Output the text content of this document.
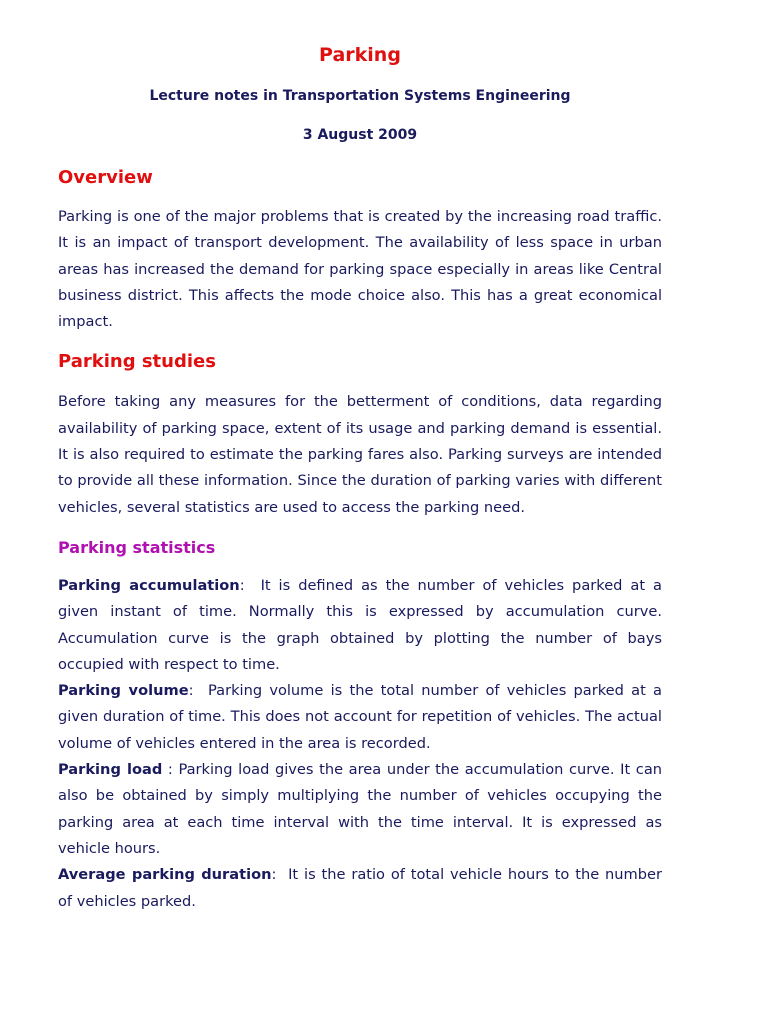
Parking
Lecture notes in Transportation Systems Engineering
3 August 2009
Overview

Parking is one of the major problems that is created by the increasing road traffic. It is an impact of transport development. The availability of less space in urban areas has increased the demand for parking space especially in areas like Central business district. This affects the mode choice also. This has a great economical impact.

Parking studies

Before taking any measures for the betterment of conditions, data regarding availability of parking space, extent of its usage and parking demand is essential. It is also required to estimate the parking fares also. Parking surveys are intended to provide all these information. Since the duration of parking varies with different vehicles, several statistics are used to access the parking need.

Parking statistics

Parking accumulation:  It is defined as the number of vehicles parked at a given instant of time. Normally this is expressed by accumulation curve. Accumulation curve is the graph obtained by plotting the number of bays occupied with respect to time.

Parking volume:  Parking volume is the total number of vehicles parked at a given duration of time. This does not account for repetition of vehicles. The actual volume of vehicles entered in the area is recorded.

Parking load : Parking load gives the area under the accumulation curve. It can also be obtained by simply multiplying the number of vehicles occupying the parking area at each time interval with the time interval. It is expressed as vehicle hours.

Average parking duration:  It is the ratio of total vehicle hours to the number of vehicles parked.
